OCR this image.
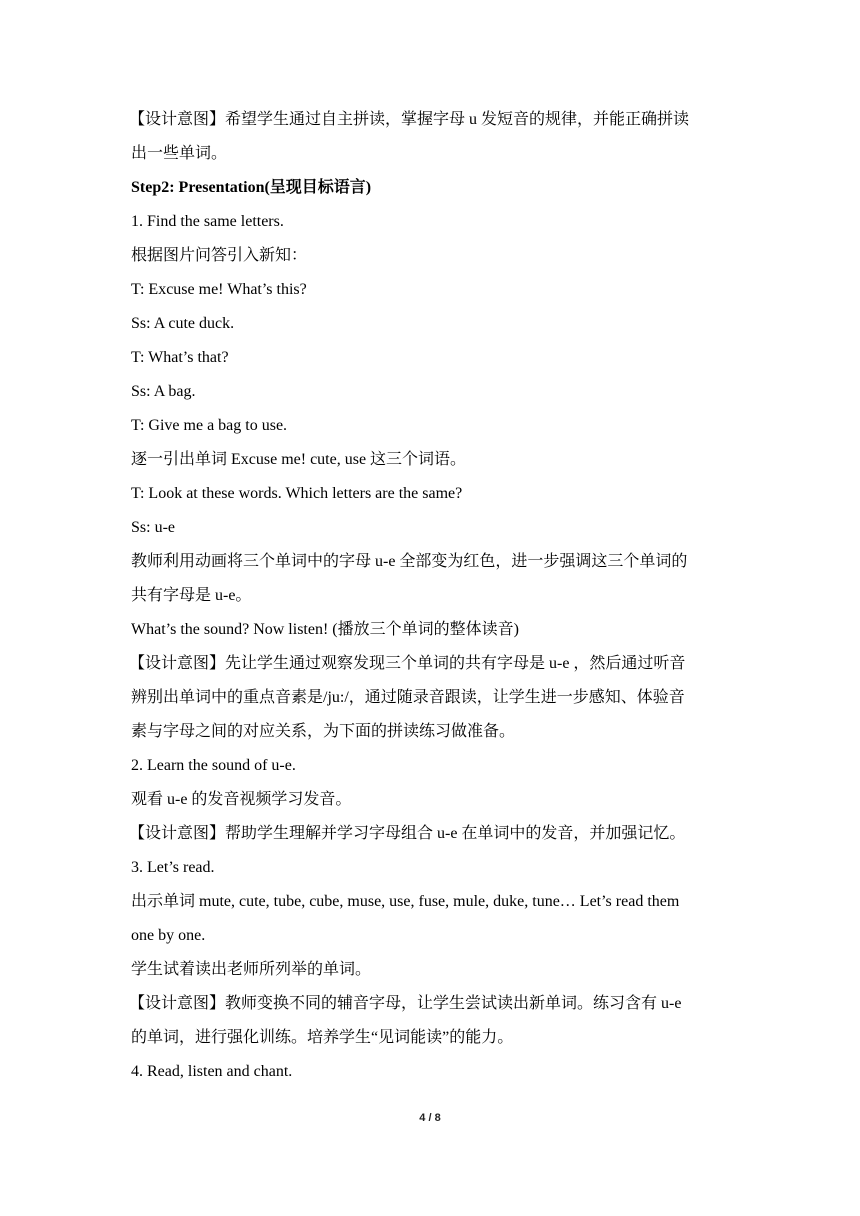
【设计意图】希望学生通过自主拼读，掌握字母 u 发短音的规律，并能正确拼读
出一些单词。
Step2: Presentation(呈现目标语言)
1. Find the same letters.
根据图片问答引入新知：
T: Excuse me! What’s this?
Ss: A cute duck.
T: What’s that?
Ss: A bag.
T: Give me a bag to use.
逐一引出单词 Excuse me! cute, use 这三个词语。
T: Look at these words. Which letters are the same?
Ss: u-e
教师利用动画将三个单词中的字母 u-e 全部变为红色，进一步强调这三个单词的
共有字母是 u-e。
What’s the sound? Now listen! (播放三个单词的整体读音)
【设计意图】先让学生通过观察发现三个单词的共有字母是 u-e ，然后通过听音
辨别出单词中的重点音素是/ju:/，通过随录音跟读，让学生进一步感知、体验音
素与字母之间的对应关系，为下面的拼读练习做准备。
2. Learn the sound of u-e.
观看 u-e 的发音视频学习发音。
【设计意图】帮助学生理解并学习字母组合 u-e 在单词中的发音，并加强记忆。
3. Let’s read.
出示单词 mute, cute, tube, cube, muse, use, fuse, mule, duke, tune… Let’s read them
one by one.
学生试着读出老师所列举的单词。
【设计意图】教师变换不同的辅音字母，让学生尝试读出新单词。练习含有 u-e
的单词，进行强化训练。培养学生“见词能读”的能力。
4. Read, listen and chant.
4 / 8
